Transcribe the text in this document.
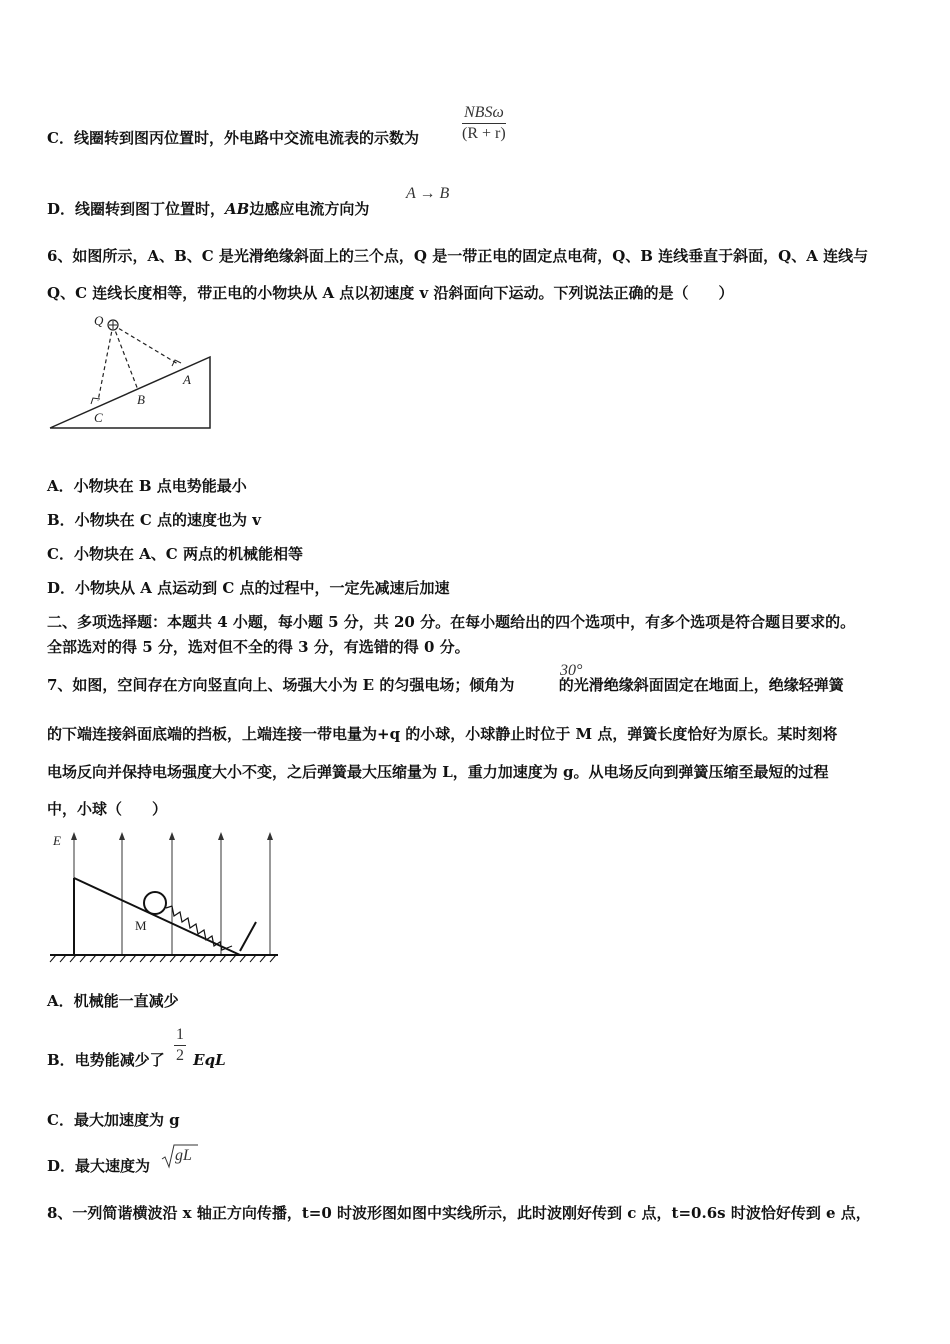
C．线圈转到图丙位置时，外电路中交流电流表的示数为
NBSω
(R + r)
D．线圈转到图丁位置时，AB边感应电流方向为
A → B
6、如图所示，A、B、C 是光滑绝缘斜面上的三个点，Q 是一带正电的固定点电荷，Q、B 连线垂直于斜面，Q、A 连线与
Q、C 连线长度相等，带正电的小物块从 A 点以初速度 v 沿斜面向下运动。下列说法正确的是（　　）
Q
A
B
C
A．小物块在 B 点电势能最小
B．小物块在 C 点的速度也为 v
C．小物块在 A、C 两点的机械能相等
D．小物块从 A 点运动到 C 点的过程中，一定先减速后加速
二、多项选择题：本题共 4 小题，每小题 5 分，共 20 分。在每小题给出的四个选项中，有多个选项是符合题目要求的。
全部选对的得 5 分，选对但不全的得 3 分，有选错的得 0 分。
7、如图，空间存在方向竖直向上、场强大小为 E 的匀强电场；倾角为	的光滑绝缘斜面固定在地面上，绝缘轻弹簧
30°
的下端连接斜面底端的挡板，上端连接一带电量为+q 的小球，小球静止时位于 M 点，弹簧长度恰好为原长。某时刻将
电场反向并保持电场强度大小不变，之后弹簧最大压缩量为 L，重力加速度为 g。从电场反向到弹簧压缩至最短的过程
中，小球（　　）
E
M
A．机械能一直减少
B．电势能减少了 EqL
$\frac{1}{2}$
C．最大加速度为 g
D．最大速度为
gL
8、一列简谐横波沿 x 轴正方向传播，t=0 时波形图如图中实线所示，此时波刚好传到 c 点，t=0.6s 时波恰好传到 e 点，
